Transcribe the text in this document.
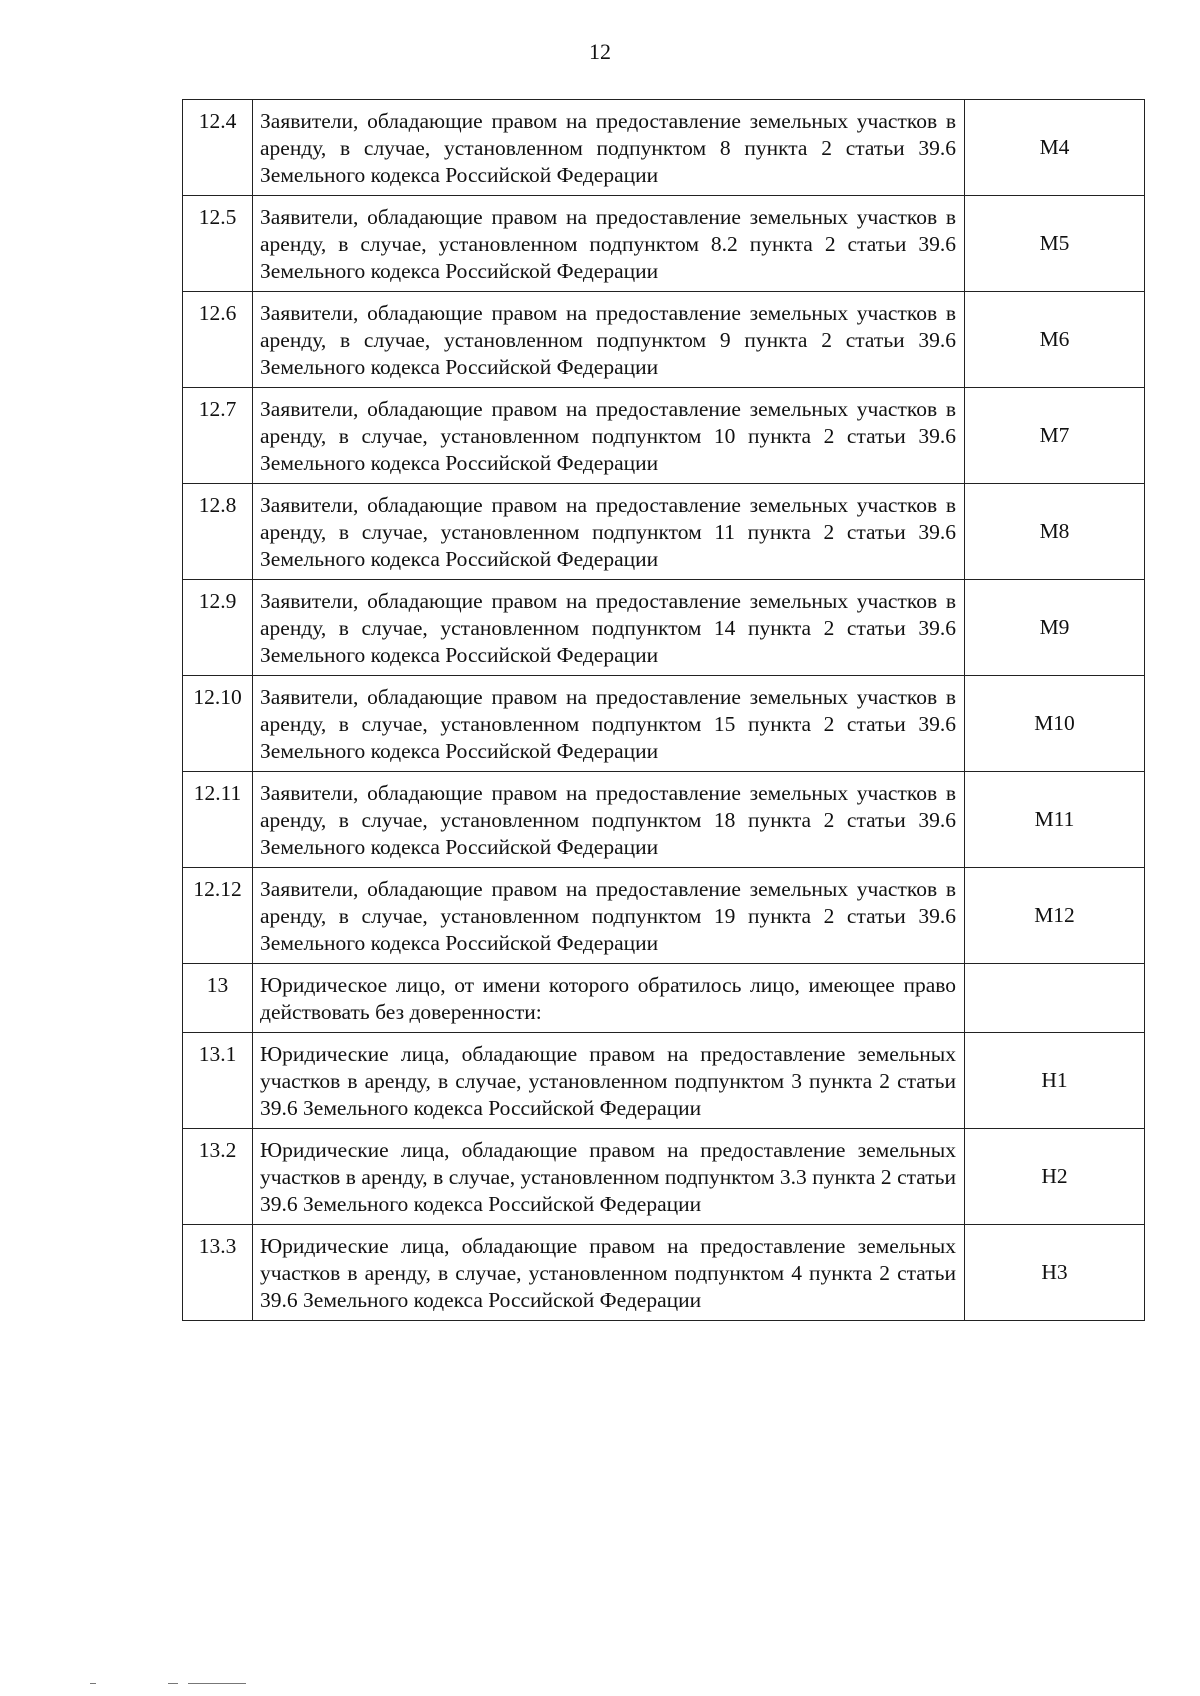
12
12.4	Заявители, обладающие правом на предоставление земельных участков в аренду, в случае, установленном подпунктом 8 пункта 2 статьи 39.6 Земельного кодекса Российской Федерации	М4
12.5	Заявители, обладающие правом на предоставление земельных участков в аренду, в случае, установленном подпунктом 8.2 пункта 2 статьи 39.6 Земельного кодекса Российской Федерации	М5
12.6	Заявители, обладающие правом на предоставление земельных участков в аренду, в случае, установленном подпунктом 9 пункта 2 статьи 39.6 Земельного кодекса Российской Федерации	М6
12.7	Заявители, обладающие правом на предоставление земельных участков в аренду, в случае, установленном подпунктом 10 пункта 2 статьи 39.6 Земельного кодекса Российской Федерации	М7
12.8	Заявители, обладающие правом на предоставление земельных участков в аренду, в случае, установленном подпунктом 11 пункта 2 статьи 39.6 Земельного кодекса Российской Федерации	М8
12.9	Заявители, обладающие правом на предоставление земельных участков в аренду, в случае, установленном подпунктом 14 пункта 2 статьи 39.6 Земельного кодекса Российской Федерации	М9
12.10	Заявители, обладающие правом на предоставление земельных участков в аренду, в случае, установленном подпунктом 15 пункта 2 статьи 39.6 Земельного кодекса Российской Федерации	М10
12.11	Заявители, обладающие правом на предоставление земельных участков в аренду, в случае, установленном подпунктом 18 пункта 2 статьи 39.6 Земельного кодекса Российской Федерации	М11
12.12	Заявители, обладающие правом на предоставление земельных участков в аренду, в случае, установленном подпунктом 19 пункта 2 статьи 39.6 Земельного кодекса Российской Федерации	М12
13	Юридическое лицо, от имени которого обратилось лицо, имеющее право действовать без доверенности:	
13.1	Юридические лица, обладающие правом на предоставление земельных участков в аренду, в случае, установленном подпунктом 3 пункта 2 статьи 39.6 Земельного кодекса Российской Федерации	Н1
13.2	Юридические лица, обладающие правом на предоставление земельных участков в аренду, в случае, установленном подпунктом 3.3 пункта 2 статьи 39.6 Земельного кодекса Российской Федерации	Н2
13.3	Юридические лица, обладающие правом на предоставление земельных участков в аренду, в случае, установленном подпунктом 4 пункта 2 статьи 39.6 Земельного кодекса Российской Федерации	Н3
